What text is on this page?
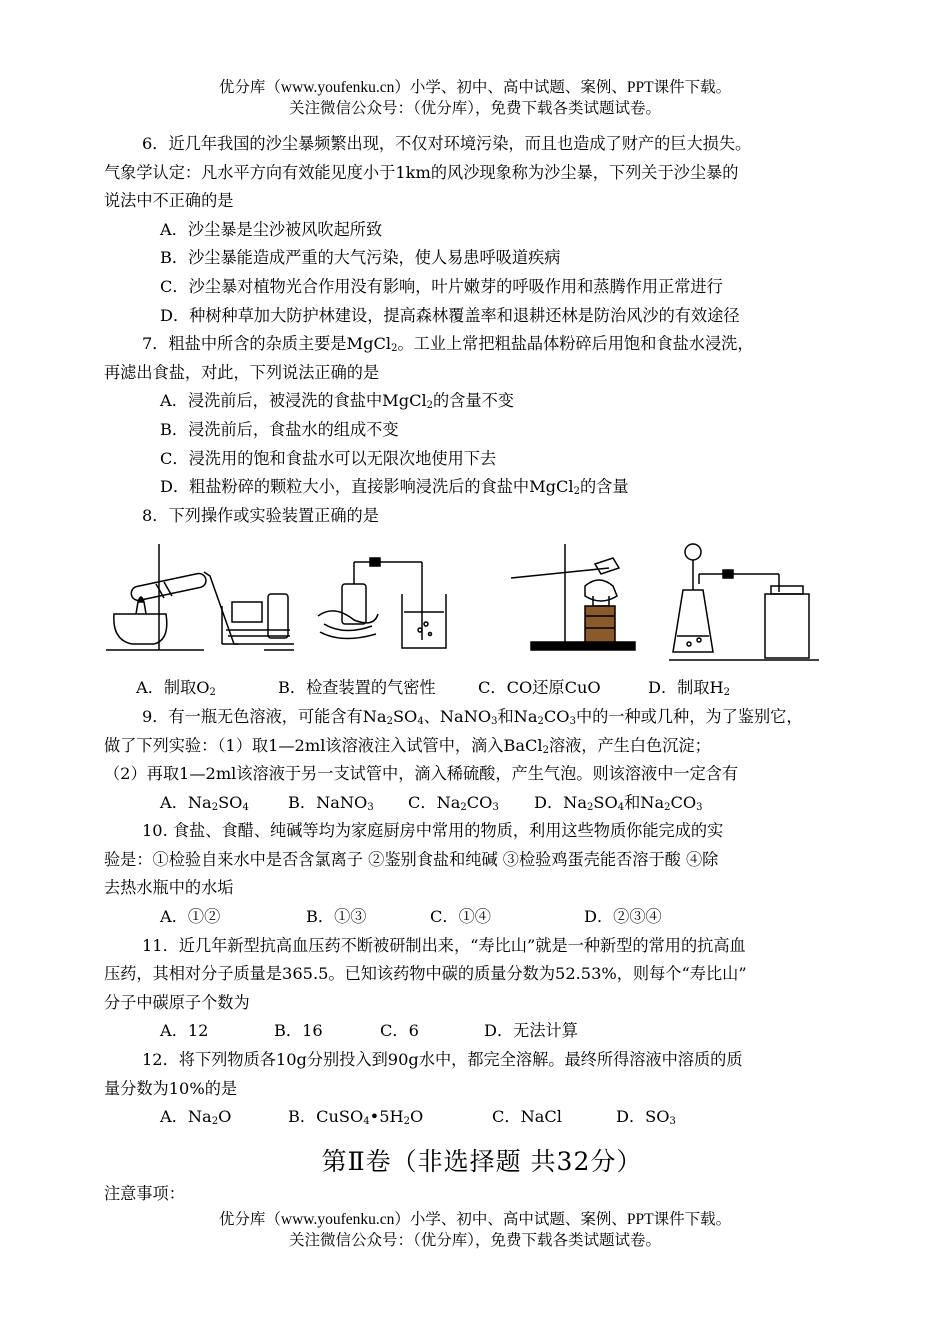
优分库（www.youfenku.cn）小学、初中、高中试题、案例、PPT课件下载。
关注微信公众号：（优分库），免费下载各类试题试卷。

6．近几年我国的沙尘暴频繁出现，不仅对环境污染，而且也造成了财产的巨大损失。

气象学认定：凡水平方向有效能见度小于1km的风沙现象称为沙尘暴，下列关于沙尘暴的

说法中不正确的是

A．沙尘暴是尘沙被风吹起所致

B．沙尘暴能造成严重的大气污染，使人易患呼吸道疾病

C．沙尘暴对植物光合作用没有影响，叶片嫩芽的呼吸作用和蒸腾作用正常进行

D．种树种草加大防护林建设，提高森林覆盖率和退耕还林是防治风沙的有效途径

7．粗盐中所含的杂质主要是MgCl$_2$。工业上常把粗盐晶体粉碎后用饱和食盐水浸洗，

再滤出食盐，对此，下列说法正确的是

A．浸洗前后，被浸洗的食盐中MgCl$_2$的含量不变

B．浸洗前后，食盐水的组成不变

C．浸洗用的饱和食盐水可以无限次地使用下去

D．粗盐粉碎的颗粒大小，直接影响浸洗后的食盐中MgCl$_2$的含量

8．下列操作或实验装置正确的是

A．制取$O_2$	B．检查装置的气密性	C．CO还原CuO	D．制取$H_2$

9．有一瓶无色溶液，可能含有$Na_2SO_4$、NaNO$_3$和$Na_2CO_3$中的一种或几种，为了鉴别它，

做了下列实验：（1）取1—2ml该溶液注入试管中，滴入BaCl$_2$溶液，产生白色沉淀；

（2）再取1—2ml该溶液于另一支试管中，滴入稀硫酸，产生气泡。则该溶液中一定含有

A．$Na_2SO_4$ B．NaNO$_3$ C．$Na_2CO_3$ D．$Na_2SO_4$和$Na_2CO_3$

10. 食盐、食醋、纯碱等均为家庭厨房中常用的物质，利用这些物质你能完成的实

验是：①检验自来水中是否含氯离子 ②鉴别食盐和纯碱 ③检验鸡蛋壳能否溶于酸 ④除

去热水瓶中的水垢

A．①②	B．①③	C．①④	D．②③④

11．近几年新型抗高血压药不断被研制出来，“寿比山”就是一种新型的常用的抗高血

压药，其相对分子质量是365.5。已知该药物中碳的质量分数为52.53%，则每个“寿比山”

分子中碳原子个数为

A．12	B．16	C．6	D．无法计算

12．将下列物质各10g分别投入到90g水中，都完全溶解。最终所得溶液中溶质的质

量分数为10%的是

A．$Na_2O$	B．$CuSO_4•5H_2O$	C．NaCl	D．$SO_3$

第Ⅱ卷（非选择题 共32分）

注意事项：

优分库（www.youfenku.cn）小学、初中、高中试题、案例、PPT课件下载。
关注微信公众号：（优分库），免费下载各类试题试卷。
